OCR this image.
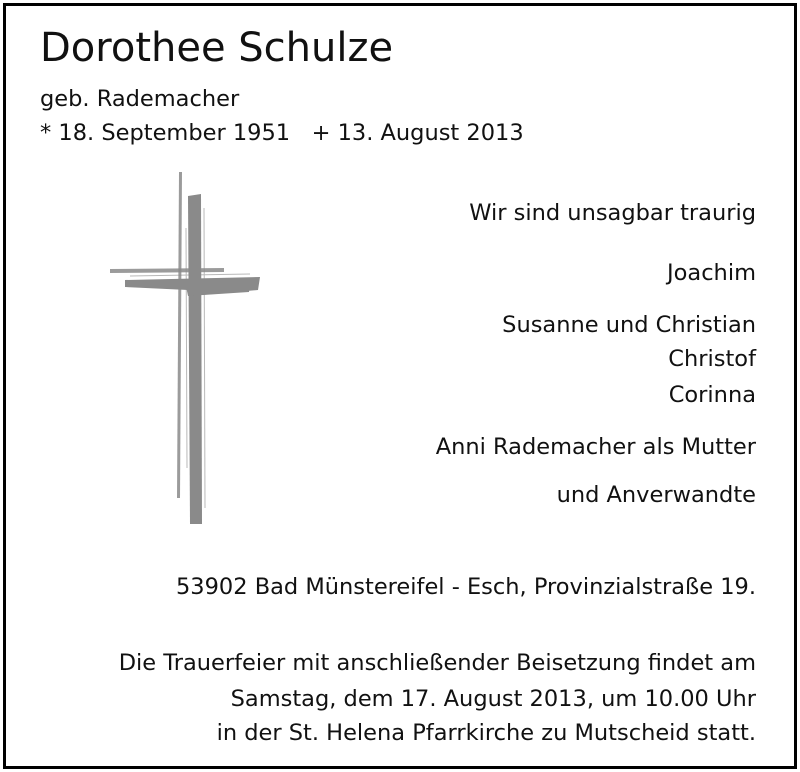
Dorothee Schulze
geb. Rademacher
* 18. September 1951   + 13. August 2013
Wir sind unsagbar traurig
Joachim
Susanne und Christian
Christof
Corinna
Anni Rademacher als Mutter
und Anverwandte
53902 Bad Münstereifel - Esch, Provinzialstraße 19.
Die Trauerfeier mit anschließender Beisetzung findet am
Samstag, dem 17. August 2013, um 10.00 Uhr
in der St. Helena Pfarrkirche zu Mutscheid statt.
